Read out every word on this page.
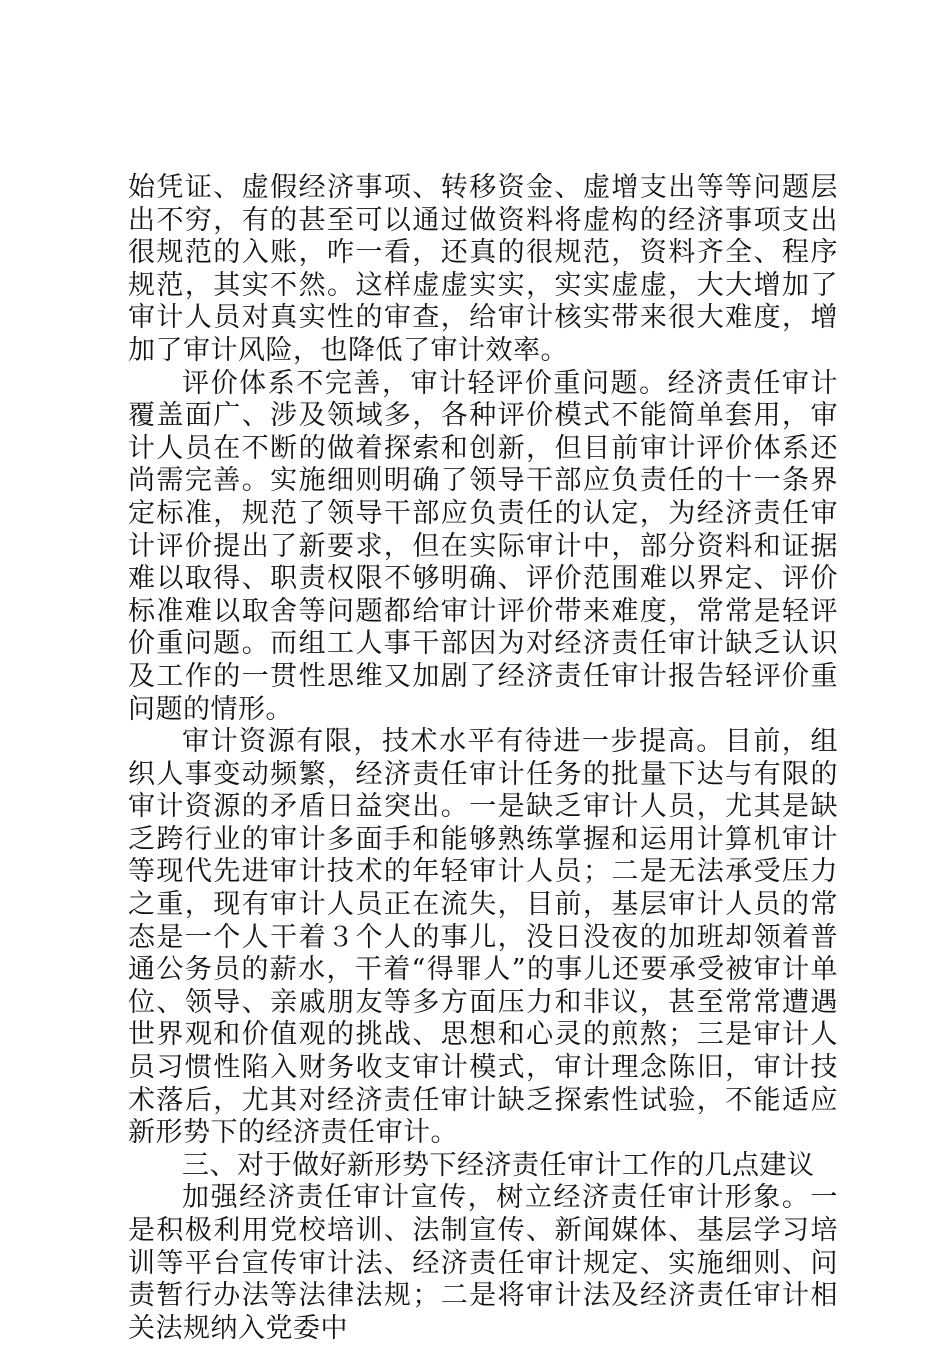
始凭证、虚假经济事项、转移资金、虚增支出等等问题层出不穷，有的甚至可以通过做资料将虚构的经济事项支出很规范的入账，咋一看，还真的很规范，资料齐全、程序规范，其实不然。这样虚虚实实，实实虚虚，大大增加了审计人员对真实性的审查，给审计核实带来很大难度，增加了审计风险，也降低了审计效率。

评价体系不完善，审计轻评价重问题。经济责任审计覆盖面广、涉及领域多，各种评价模式不能简单套用，审计人员在不断的做着探索和创新，但目前审计评价体系还尚需完善。实施细则明确了领导干部应负责任的十一条界定标准，规范了领导干部应负责任的认定，为经济责任审计评价提出了新要求，但在实际审计中，部分资料和证据难以取得、职责权限不够明确、评价范围难以界定、评价标准难以取舍等问题都给审计评价带来难度，常常是轻评价重问题。而组工人事干部因为对经济责任审计缺乏认识及工作的一贯性思维又加剧了经济责任审计报告轻评价重问题的情形。

审计资源有限，技术水平有待进一步提高。目前，组织人事变动频繁，经济责任审计任务的批量下达与有限的审计资源的矛盾日益突出。一是缺乏审计人员，尤其是缺乏跨行业的审计多面手和能够熟练掌握和运用计算机审计等现代先进审计技术的年轻审计人员；二是无法承受压力之重，现有审计人员正在流失，目前，基层审计人员的常态是一个人干着３个人的事儿，没日没夜的加班却领着普通公务员的薪水，干着“得罪人”的事儿还要承受被审计单位、领导、亲戚朋友等多方面压力和非议，甚至常常遭遇世界观和价值观的挑战、思想和心灵的煎熬；三是审计人员习惯性陷入财务收支审计模式，审计理念陈旧，审计技术落后，尤其对经济责任审计缺乏探索性试验，不能适应新形势下的经济责任审计。

三、对于做好新形势下经济责任审计工作的几点建议

加强经济责任审计宣传，树立经济责任审计形象。一是积极利用党校培训、法制宣传、新闻媒体、基层学习培训等平台宣传审计法、经济责任审计规定、实施细则、问责暂行办法等法律法规；二是将审计法及经济责任审计相关法规纳入党委中
